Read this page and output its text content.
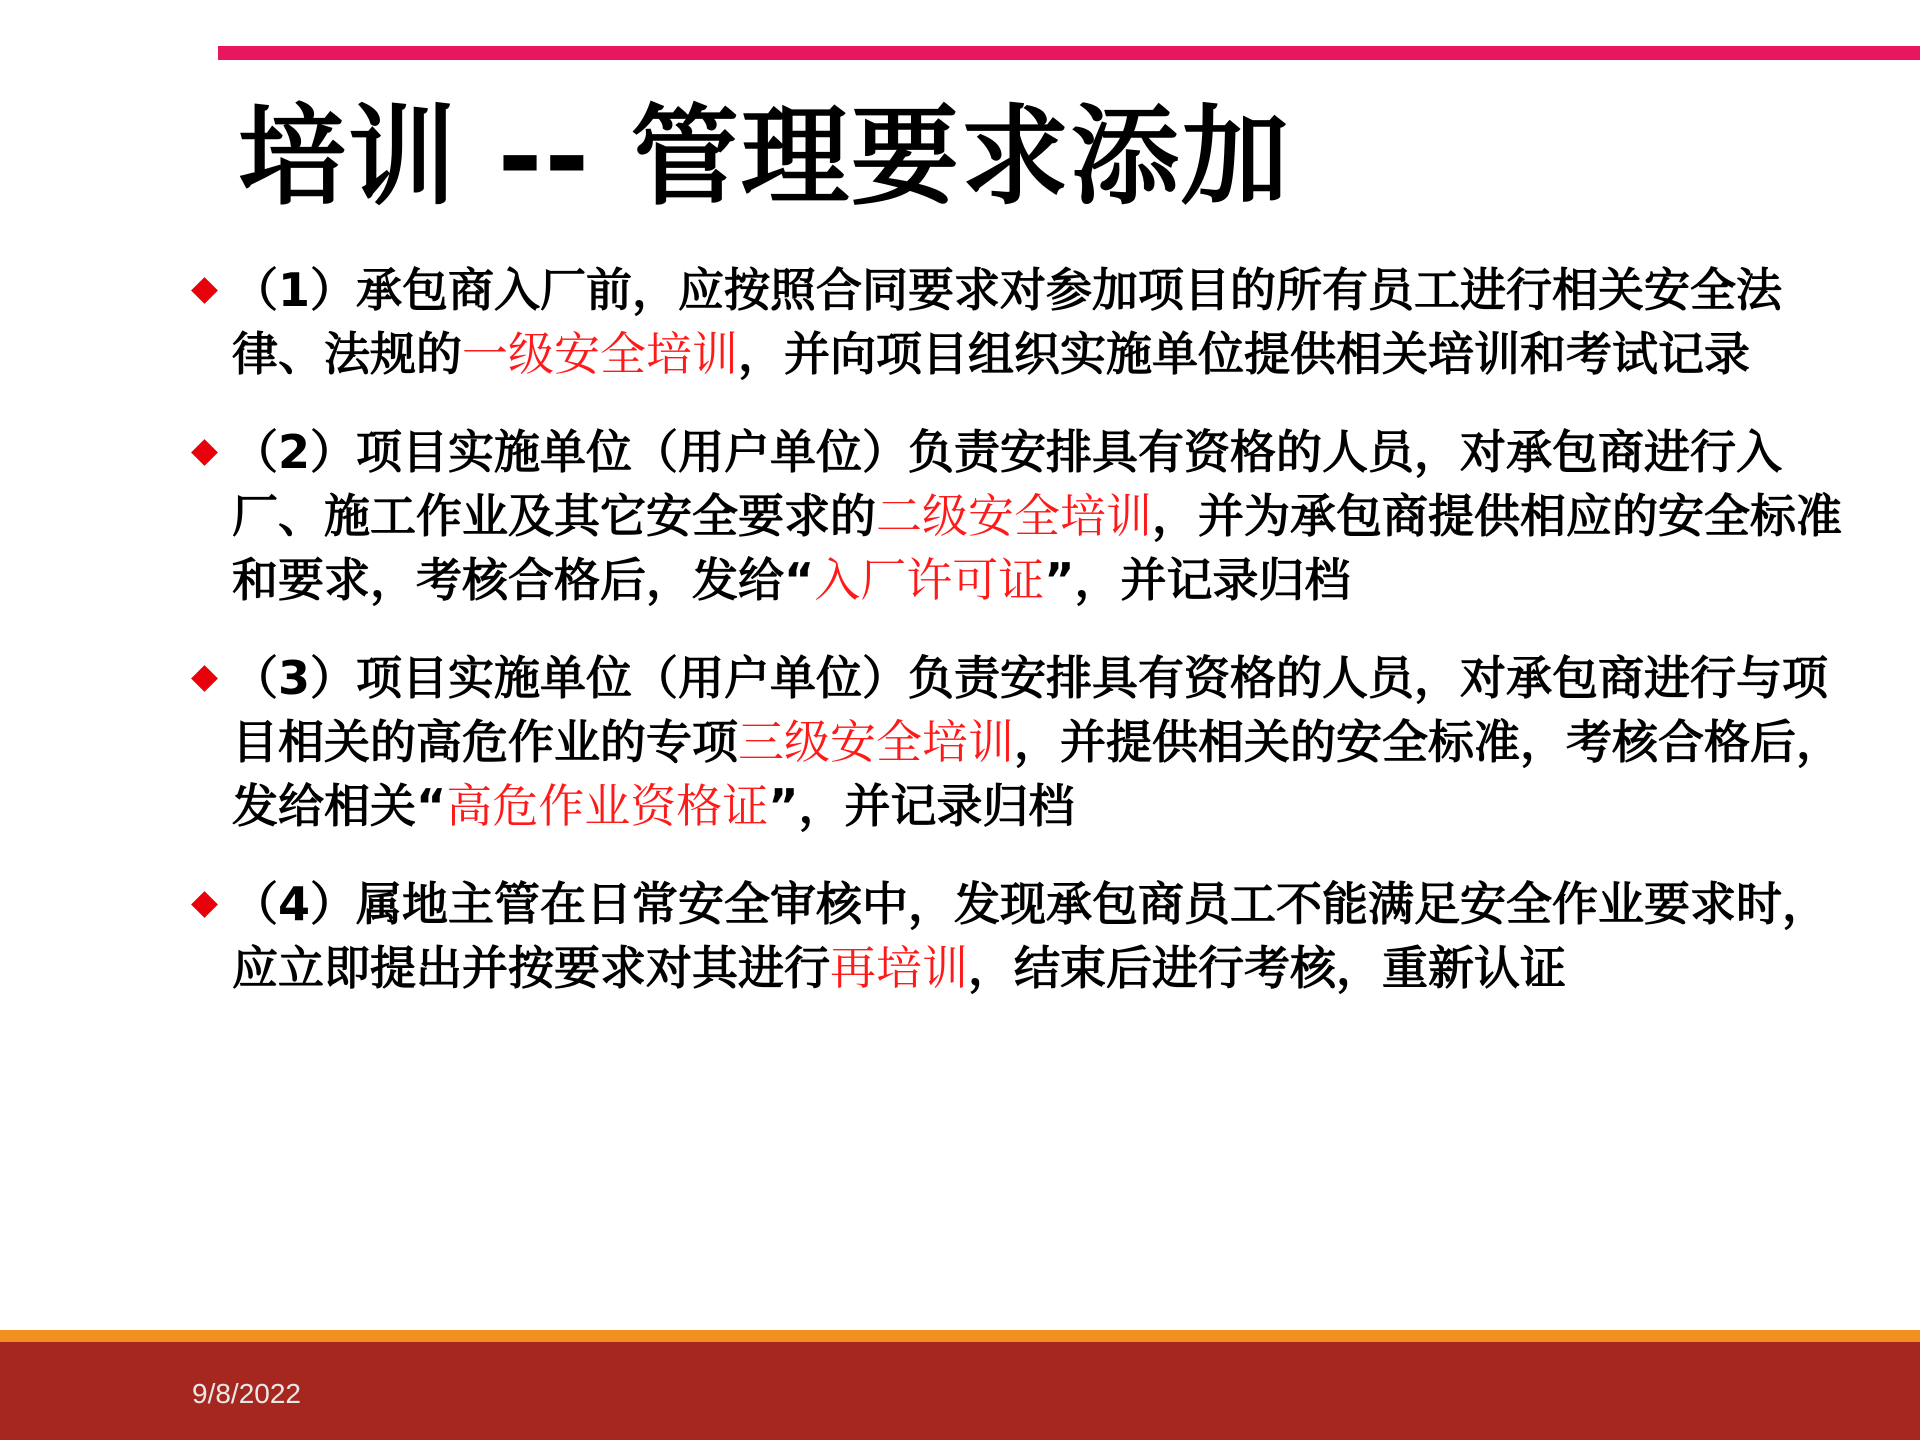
培训 -- 管理要求添加
（1）承包商入厂前，应按照合同要求对参加项目的所有员工进行相关安全法律、法规的一级安全培训，并向项目组织实施单位提供相关培训和考试记录
（2）项目实施单位（用户单位）负责安排具有资格的人员，对承包商进行入厂、施工作业及其它安全要求的二级安全培训，并为承包商提供相应的安全标准和要求，考核合格后，发给“入厂许可证”，并记录归档
（3）项目实施单位（用户单位）负责安排具有资格的人员，对承包商进行与项目相关的高危作业的专项三级安全培训，并提供相关的安全标准，考核合格后，发给相关“高危作业资格证”，并记录归档
（4）属地主管在日常安全审核中，发现承包商员工不能满足安全作业要求时，应立即提出并按要求对其进行再培训，结束后进行考核，重新认证
9/8/2022
